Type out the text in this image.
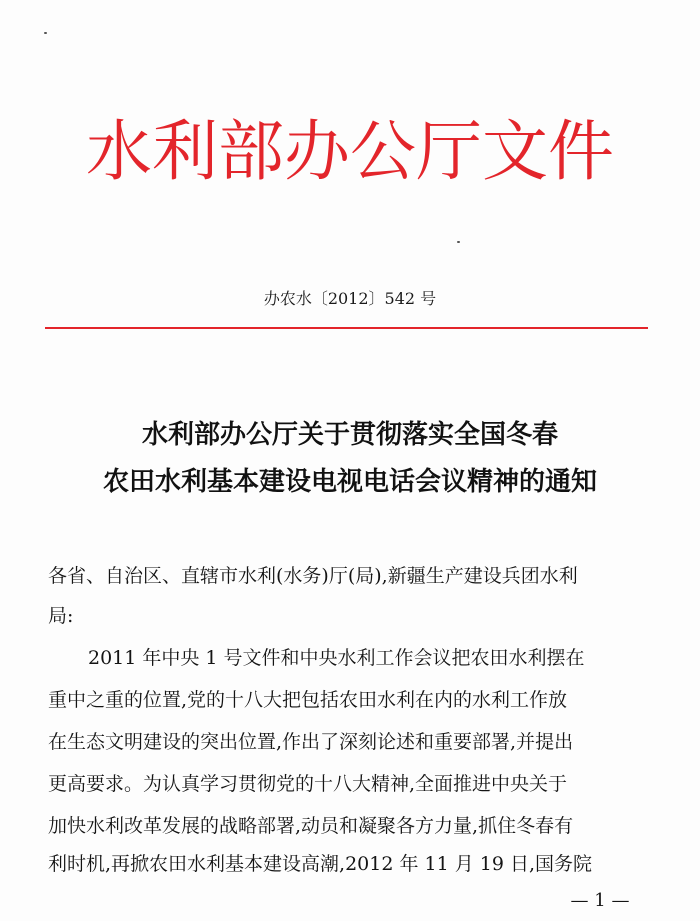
水利部办公厅文件
办农水〔2012〕542 号
水利部办公厅关于贯彻落实全国冬春
农田水利基本建设电视电话会议精神的通知
各省、自治区、直辖市水利(水务)厅(局),新疆生产建设兵团水利
局:
2011 年中央 1 号文件和中央水利工作会议把农田水利摆在
重中之重的位置,党的十八大把包括农田水利在内的水利工作放
在生态文明建设的突出位置,作出了深刻论述和重要部署,并提出
更高要求。为认真学习贯彻党的十八大精神,全面推进中央关于
加快水利改革发展的战略部署,动员和凝聚各方力量,抓住冬春有
利时机,再掀农田水利基本建设高潮,2012 年 11 月 19 日,国务院
— 1 —
